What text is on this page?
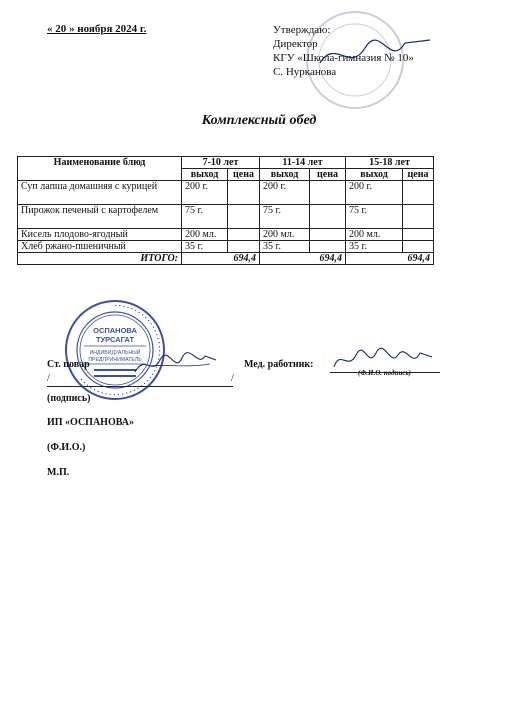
« 20 » ноября 2024 г.	Утверждаю:
Директор
КГУ «Школа-гимназия № 10»
С. Нурканова
Комплексный обед
Наименование блюд	7-10 лет		11-14 лет		15-18 лет	
	выход	цена	выход	цена	выход	цена
Суп лапша домашняя с курицей	200 г.		200 г.		200 г.	
Пирожок печеный с картофелем	75 г.		75 г.		75 г.	
Кисель плодово-ягодный	200 мл.		200 мл.		200 мл.	
Хлеб ржано-пшеничный	35 г.		35 г.		35 г.	
ИТОГО:	694,4		694,4		694,4	
• • • • • • • • • • • • • • • • • • • • • • • • • • • • • • • • • • • • • • • • • • • •
ОСПАНОВА
ТУРСАГАТ
ИНДИВИДУАЛЬНЫЙ
ПРЕДПРИНИМАТЕЛЬ
Ст. повар
/	/
(подпись)
ИП «ОСПАНОВА»
(Ф.И.О.)
М.П.
Мед. работник:
(Ф.И.О. подпись)
